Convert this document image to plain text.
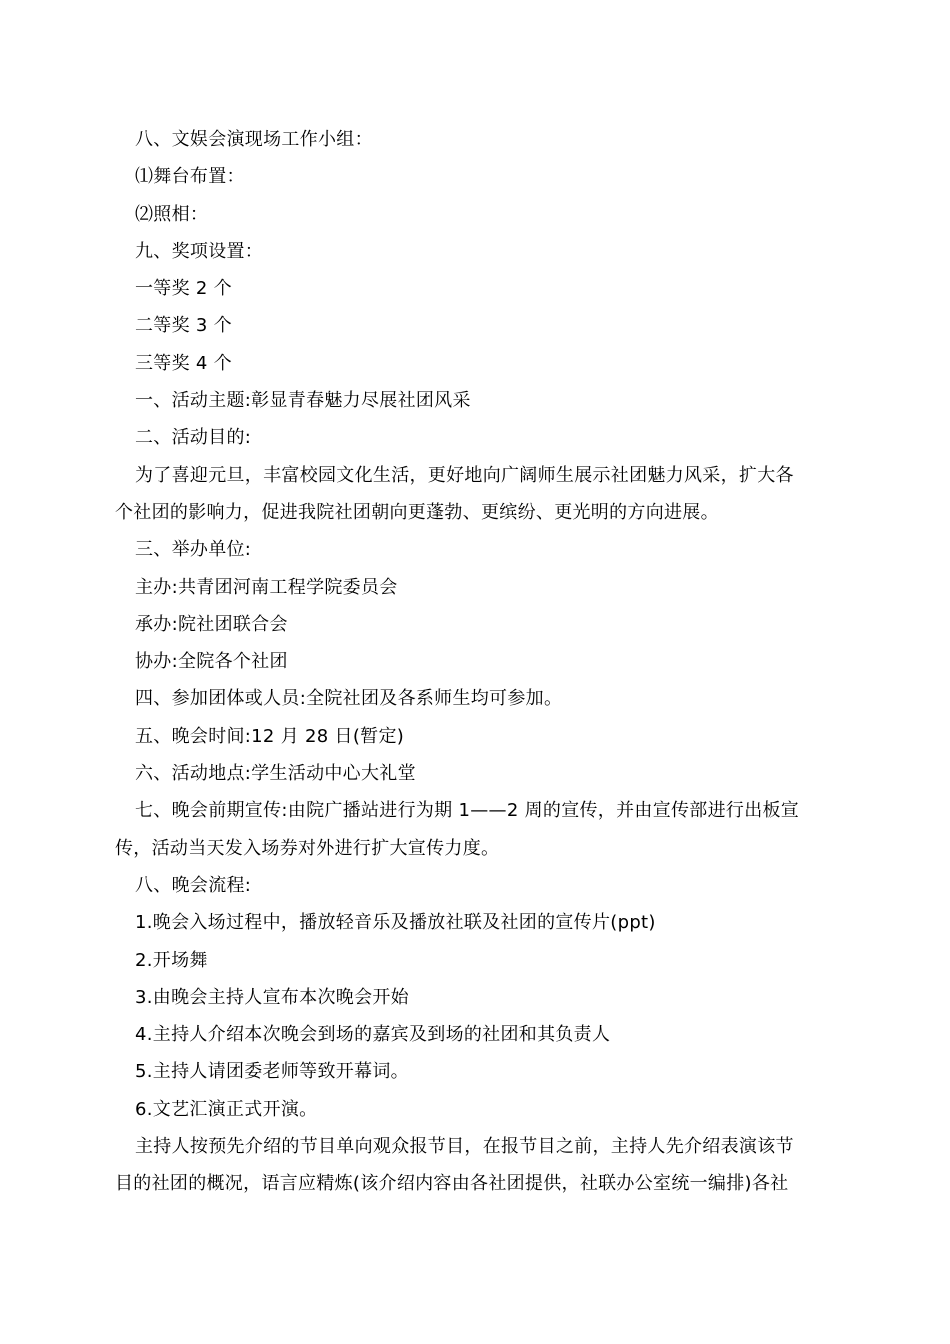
八、文娱会演现场工作小组：
⑴舞台布置：
⑵照相：
九、奖项设置：
一等奖 2 个
二等奖 3 个
三等奖 4 个
一、活动主题:彰显青春魅力尽展社团风采
二、活动目的:
为了喜迎元旦，丰富校园文化生活，更好地向广阔师生展示社团魅力风采，扩大各
个社团的影响力，促进我院社团朝向更蓬勃、更缤纷、更光明的方向进展。
三、举办单位:
主办:共青团河南工程学院委员会
承办:院社团联合会
协办:全院各个社团
四、参加团体或人员:全院社团及各系师生均可参加。
五、晚会时间:12 月 28 日(暂定)
六、活动地点:学生活动中心大礼堂
七、晚会前期宣传:由院广播站进行为期 1——2 周的宣传，并由宣传部进行出板宣
传，活动当天发入场券对外进行扩大宣传力度。
八、晚会流程:
1.晚会入场过程中，播放轻音乐及播放社联及社团的宣传片(ppt)
2.开场舞
3.由晚会主持人宣布本次晚会开始
4.主持人介绍本次晚会到场的嘉宾及到场的社团和其负责人
5.主持人请团委老师等致开幕词。
6.文艺汇演正式开演。
主持人按预先介绍的节目单向观众报节目，在报节目之前，主持人先介绍表演该节
目的社团的概况，语言应精炼(该介绍内容由各社团提供，社联办公室统一编排)各社
